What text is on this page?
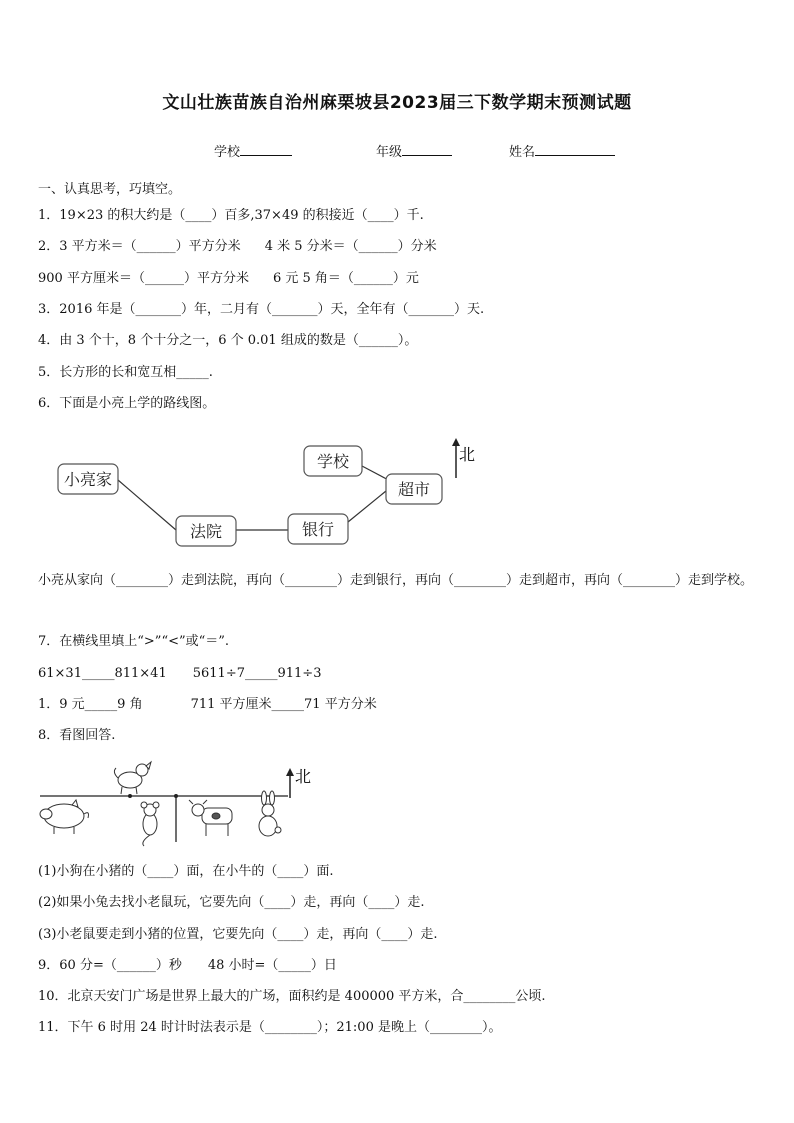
文山壮族苗族自治州麻栗坡县2023届三下数学期末预测试题
学校	年级	姓名
一、认真思考，巧填空。
1．19×23 的积大约是（____）百多,37×49 的积接近（____）千.
2．3 平方米＝（______）平方分米 4 米 5 分米＝（______）分米
900 平方厘米＝（______）平方分米 6 元 5 角＝（______）元
3．2016 年是（_______）年，二月有（_______）天，全年有（_______）天.
4．由 3 个十，8 个十分之一，6 个 0.01 组成的数是（______）。
5．长方形的长和宽互相_____.
6．下面是小亮上学的路线图。
小亮家
法院	银行
学校
超市
北
小亮从家向（________）走到法院，再向（________）走到银行，再向（________）走到超市，再向（________）走到学校。
7．在横线里填上“>”“<”或“＝”.
61×31_____811×41 5611÷7_____911÷3
1．9 元_____9 角	711 平方厘米_____71 平方分米
8．看图回答.
北
(1)小狗在小猪的（____）面，在小牛的（____）面.
(2)如果小兔去找小老鼠玩，它要先向（____）走，再向（____）走.
(3)小老鼠要走到小猪的位置，它要先向（____）走，再向（____）走.
9．60 分=（______）秒 48 小时=（_____）日
10．北京天安门广场是世界上最大的广场，面积约是 400000 平方米，合________公顷.
11．下午 6 时用 24 时计时法表示是（________）；21:00 是晚上（________）。
